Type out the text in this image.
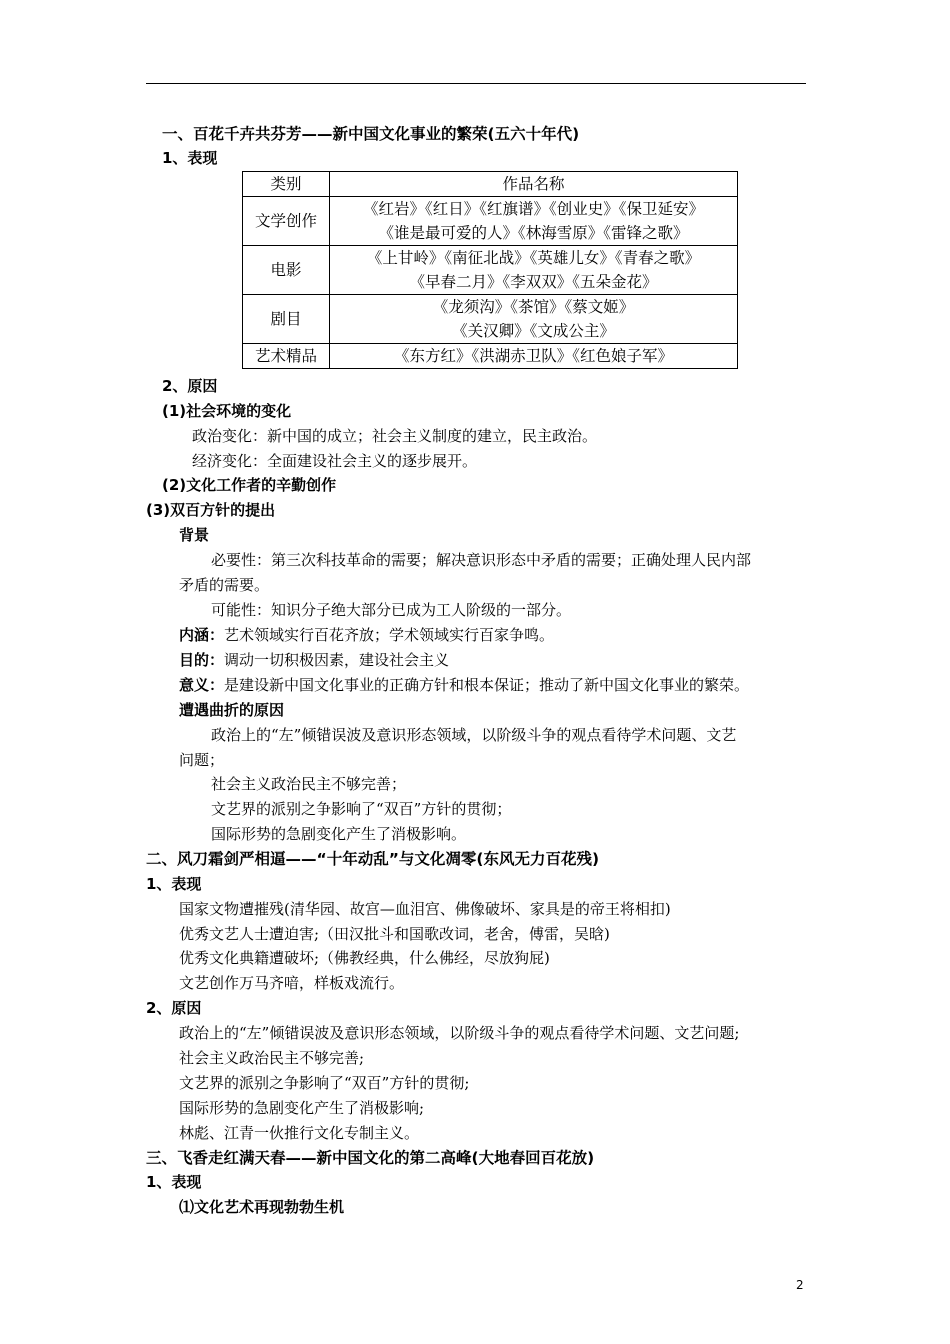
一、百花千卉共芬芳——新中国文化事业的繁荣(五六十年代)
1、表现
类别	作品名称
文学创作	《红岩》《红日》《红旗谱》《创业史》《保卫延安》
《谁是最可爱的人》《林海雪原》《雷锋之歌》

电影	《上甘岭》《南征北战》《英雄儿女》《青春之歌》
《早春二月》《李双双》《五朵金花》

剧目	《龙须沟》《茶馆》《蔡文姬》
《关汉卿》《文成公主》

艺术精品	《东方红》《洪湖赤卫队》《红色娘子军》
2、原因
(1)社会环境的变化
政治变化：新中国的成立；社会主义制度的建立，民主政治。
经济变化：全面建设社会主义的逐步展开。
(2)文化工作者的辛勤创作
(3)双百方针的提出
背景
必要性：第三次科技革命的需要；解决意识形态中矛盾的需要；正确处理人民内部
矛盾的需要。
可能性：知识分子绝大部分已成为工人阶级的一部分。
内涵：艺术领域实行百花齐放；学术领域实行百家争鸣。
目的：调动一切积极因素，建设社会主义
意义：是建设新中国文化事业的正确方针和根本保证；推动了新中国文化事业的繁荣。
遭遇曲折的原因
政治上的“左”倾错误波及意识形态领域，以阶级斗争的观点看待学术问题、文艺
问题；
社会主义政治民主不够完善；
文艺界的派别之争影响了“双百”方针的贯彻；
国际形势的急剧变化产生了消极影响。
二、风刀霜剑严相逼——“十年动乱”与文化凋零(东风无力百花残)
1、表现
国家文物遭摧残(清华园、故宫—血泪宫、佛像破坏、家具是的帝王将相扣)
优秀文艺人士遭迫害;（田汉批斗和国歌改词，老舍，傅雷，吴晗)
优秀文化典籍遭破坏;（佛教经典，什么佛经，尽放狗屁)
文艺创作万马齐喑，样板戏流行。
2、原因
政治上的“左”倾错误波及意识形态领域，以阶级斗争的观点看待学术问题、文艺问题;
社会主义政治民主不够完善;
文艺界的派别之争影响了“双百”方针的贯彻;
国际形势的急剧变化产生了消极影响;
林彪、江青一伙推行文化专制主义。
三、飞香走红满天春——新中国文化的第二高峰(大地春回百花放)
1、表现
⑴文化艺术再现勃勃生机
2
